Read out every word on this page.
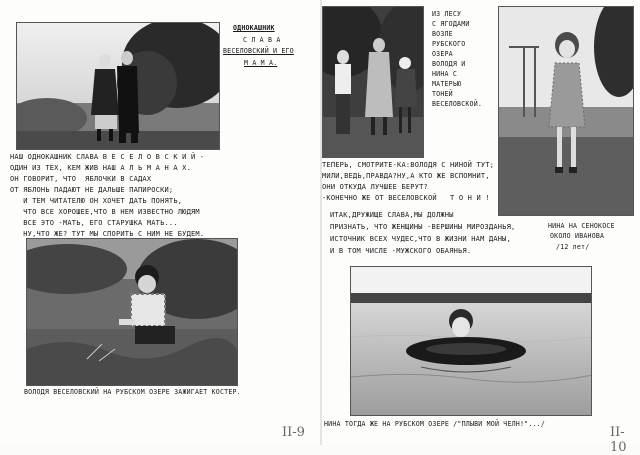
ОДНОКАШНИК
С Л А В А
ВЕСЕЛОВСКИЙ И ЕГО
М А М А.
НАШ ОДНОКАШНИК СЛАВА В Е С Е Л О В С К И Й -
ОДИН ИЗ ТЕХ, КЕМ ЖИВ НАШ А Л Ь М А Н А Х.
ОН ГОВОРИТ, ЧТО  ЯБЛОЧКИ В САДАХ
ОТ ЯБЛОНЬ ПАДАЮТ НЕ ДАЛЬШЕ ПАПИРОСКИ;
И ТЕМ ЧИТАТЕЛЮ ОН ХОЧЕТ ДАТЬ ПОНЯТЬ,
ЧТО ВСЕ ХОРОШЕЕ,ЧТО В НЕМ ИЗВЕСТНО ЛЮДЯМ
ВСЕ ЭТО -МАТЬ, ЕГО СТАРУШКА МАТЬ...
НУ,ЧТО ЖЕ? ТУТ МЫ СПОРИТЬ С НИМ НЕ БУДЕМ.
ВОЛОДЯ ВЕСЕЛОВСКИЙ НА РУБСКОМ ОЗЕРЕ ЗАЖИГАЕТ КОСТЕР.
II-9
ИЗ ЛЕСУ
С ЯГОДАМИ
ВОЗЛЕ
РУБСКОГО
ОЗЕРА
ВОЛОДЯ И
НИНА С
МАТЕРЬЮ
ТОНЕЙ
ВЕСЕЛОВСКОЙ.
ТЕПЕРЬ, СМОТРИТЕ-КА:ВОЛОДЯ С НИНОЙ ТУТ;
МИЛИ,ВЕДЬ,ПРАВДА?НУ,А КТО ЖЕ ВСПОМНИТ,
ОНИ ОТКУДА ЛУЧШЕЕ БЕРУТ?
-КОНЕЧНО ЖЕ ОТ ВЕСЕЛОВСКОЙ   Т О Н И !
ИТАК,ДРУЖИЩЕ СЛАВА,МЫ ДОЛЖНЫ
ПРИЗНАТЬ, ЧТО ЖЕНЩИНЫ -ВЕРШИНЫ МИРОЗДАНЬЯ,
ИСТОЧНИК ВСЕХ ЧУДЕС,ЧТО В ЖИЗНИ НАМ ДАНЫ,
И В ТОМ ЧИСЛЕ -МУЖСКОГО ОБАЯНЬЯ.
НИНА НА СЕНОКОСЕ
ОКОЛО ИВАНОВА
/12 лет/
НИНА ТОГДА ЖЕ НА РУБСКОМ ОЗЕРЕ /"ПЛЫВИ МОЙ ЧЕЛН!".../
II-10
